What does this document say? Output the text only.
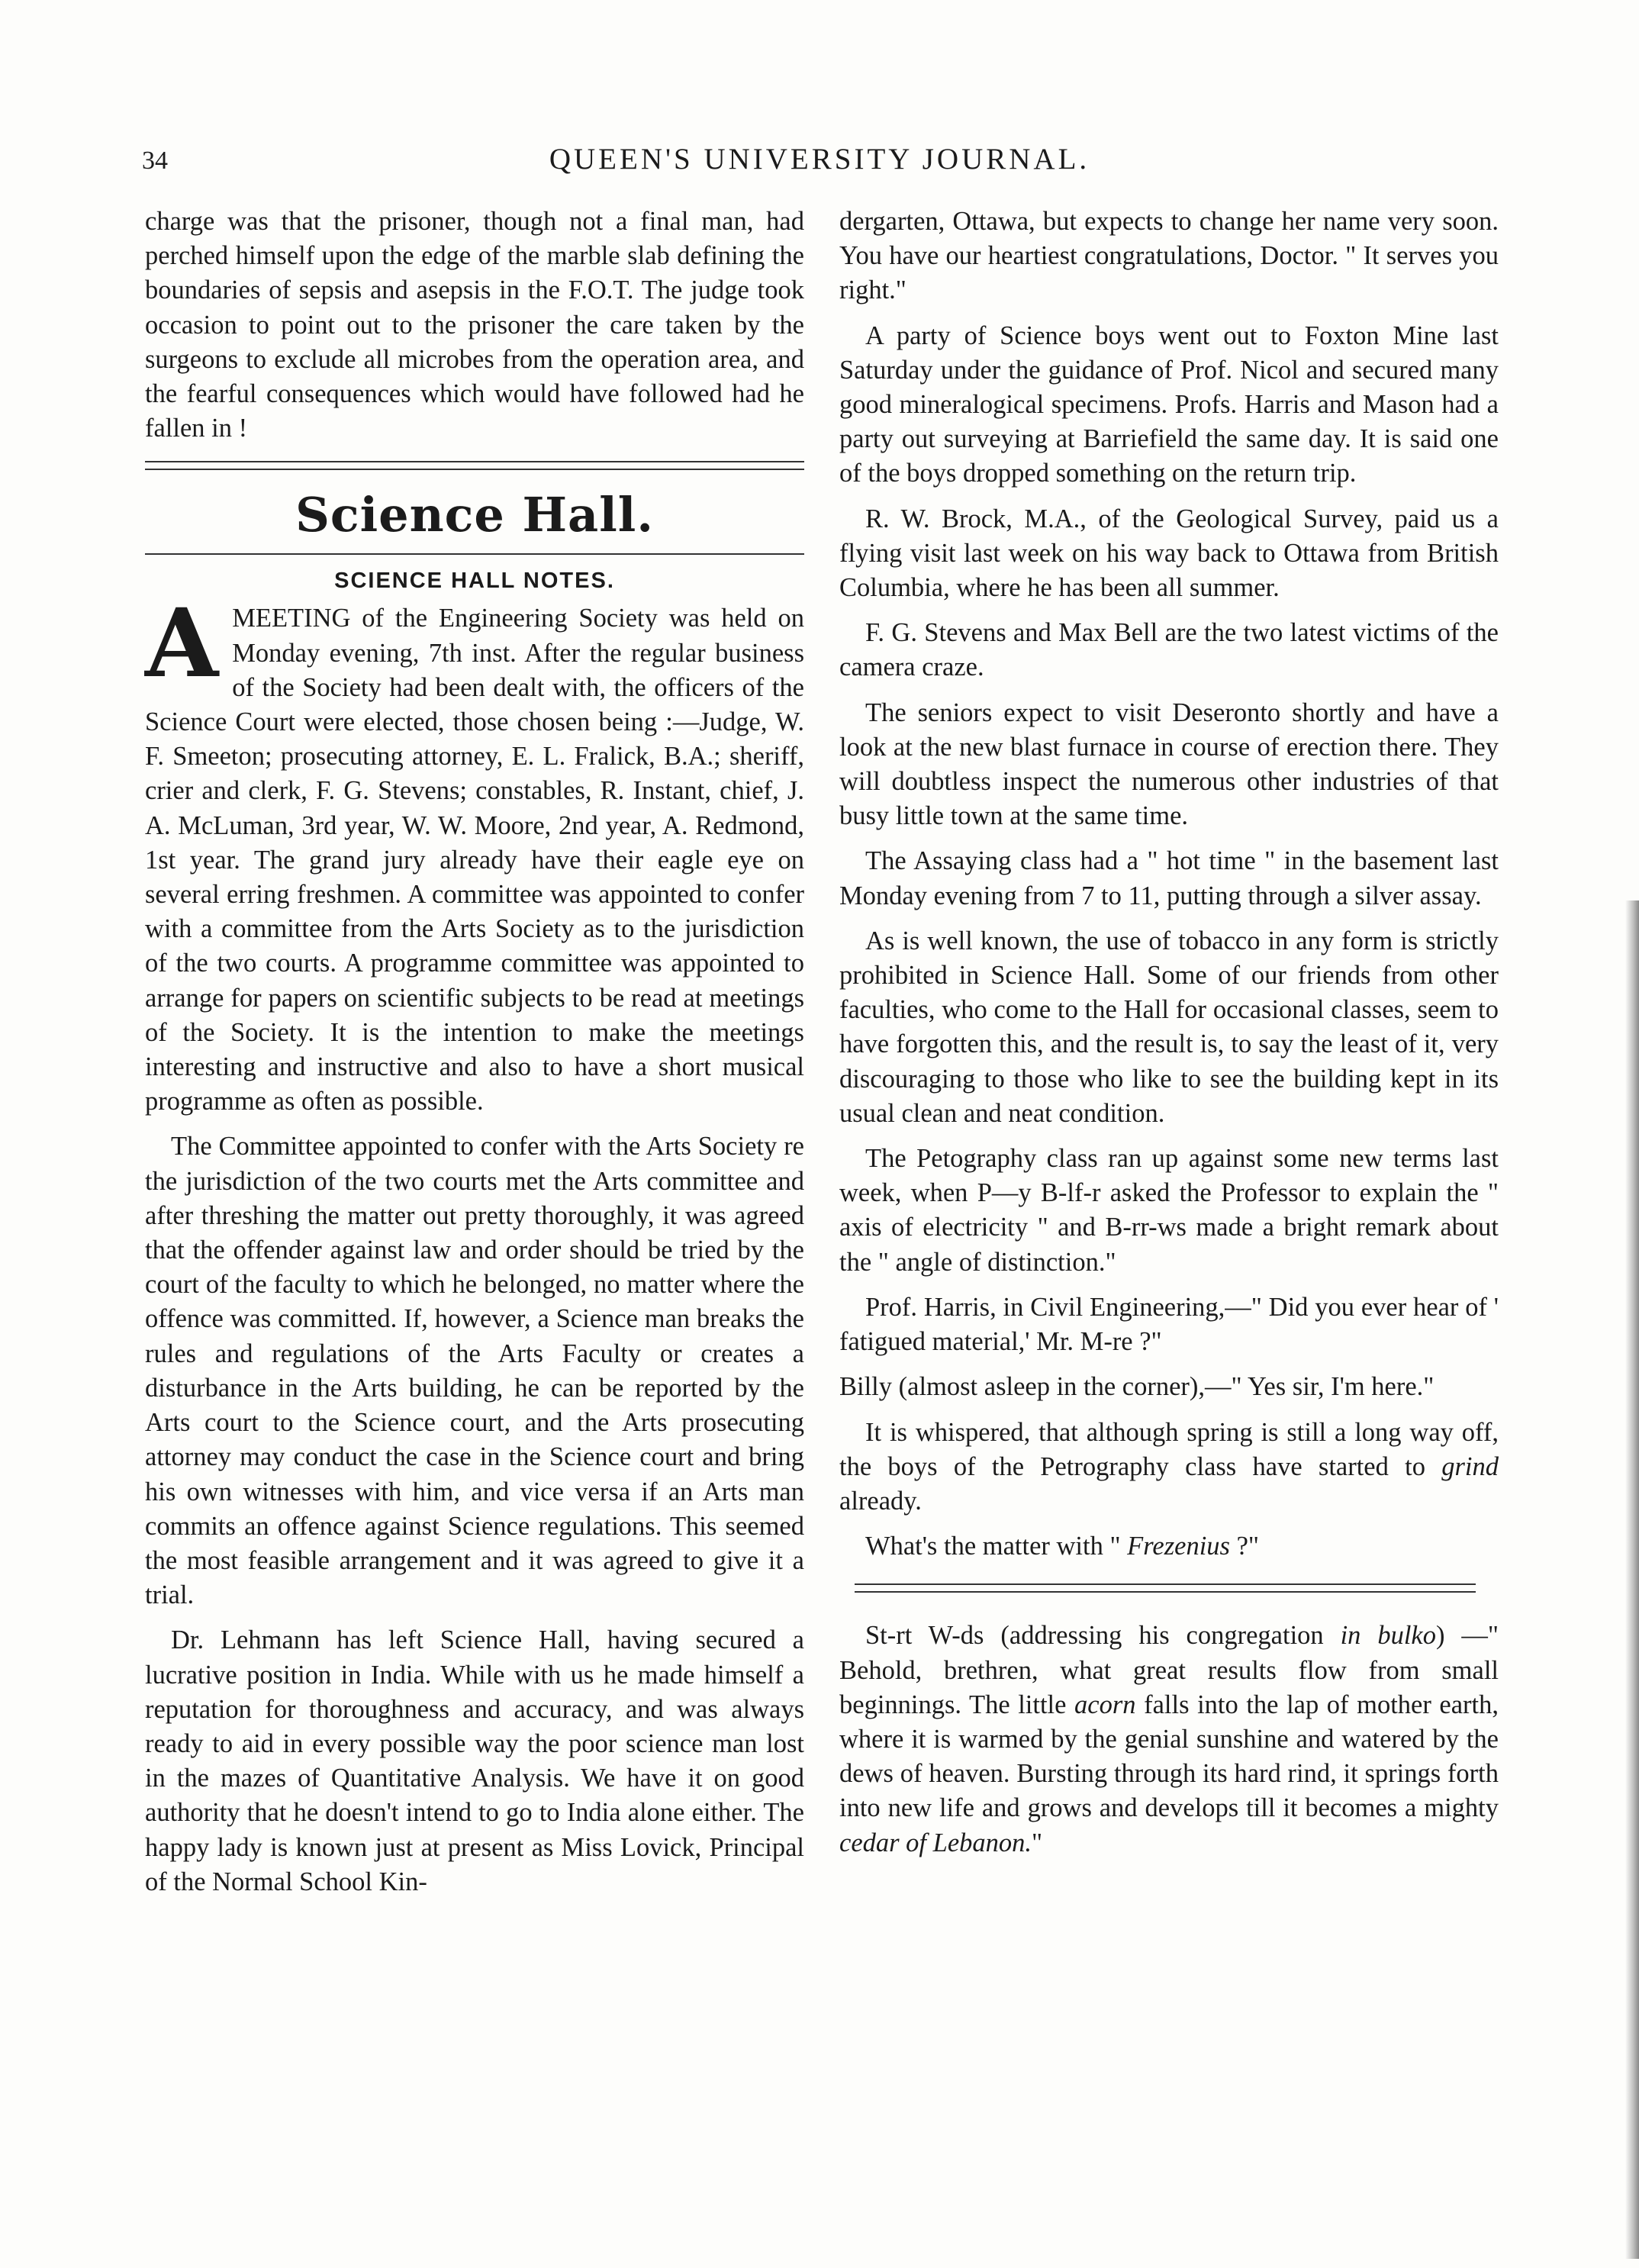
34	QUEEN'S UNIVERSITY JOURNAL.

charge was that the prisoner, though not a final man, had perched himself upon the edge of the marble slab defining the boundaries of sepsis and asepsis in the F.O.T. The judge took occasion to point out to the prisoner the care taken by the surgeons to exclude all microbes from the operation area, and the fearful consequences which would have followed had he fallen in !

Science Hall.
SCIENCE HALL NOTES.

A MEETING of the Engineering Society was held on Monday evening, 7th inst. After the regular business of the Society had been dealt with, the officers of the Science Court were elected, those chosen being :—Judge, W. F. Smeeton; prosecuting attorney, E. L. Fralick, B.A.; sheriff, crier and clerk, F. G. Stevens; constables, R. Instant, chief, J. A. McLuman, 3rd year, W. W. Moore, 2nd year, A. Redmond, 1st year. The grand jury already have their eagle eye on several erring freshmen. A committee was appointed to confer with a committee from the Arts Society as to the jurisdiction of the two courts. A programme committee was appointed to arrange for papers on scientific subjects to be read at meetings of the Society. It is the intention to make the meetings interesting and instructive and also to have a short musical programme as often as possible.

The Committee appointed to confer with the Arts Society re the jurisdiction of the two courts met the Arts committee and after threshing the matter out pretty thoroughly, it was agreed that the offender against law and order should be tried by the court of the faculty to which he belonged, no matter where the offence was committed. If, however, a Science man breaks the rules and regulations of the Arts Faculty or creates a disturbance in the Arts building, he can be reported by the Arts court to the Science court, and the Arts prosecuting attorney may conduct the case in the Science court and bring his own witnesses with him, and vice versa if an Arts man commits an offence against Science regulations. This seemed the most feasible arrangement and it was agreed to give it a trial.

Dr. Lehmann has left Science Hall, having secured a lucrative position in India. While with us he made himself a reputation for thoroughness and accuracy, and was always ready to aid in every possible way the poor science man lost in the mazes of Quantitative Analysis. We have it on good authority that he doesn't intend to go to India alone either. The happy lady is known just at present as Miss Lovick, Principal of the Normal School Kin-

dergarten, Ottawa, but expects to change her name very soon. You have our heartiest congratulations, Doctor. " It serves you right."

A party of Science boys went out to Foxton Mine last Saturday under the guidance of Prof. Nicol and secured many good mineralogical specimens. Profs. Harris and Mason had a party out surveying at Barriefield the same day. It is said one of the boys dropped something on the return trip.

R. W. Brock, M.A., of the Geological Survey, paid us a flying visit last week on his way back to Ottawa from British Columbia, where he has been all summer.

F. G. Stevens and Max Bell are the two latest victims of the camera craze.

The seniors expect to visit Deseronto shortly and have a look at the new blast furnace in course of erection there. They will doubtless inspect the numerous other industries of that busy little town at the same time.

The Assaying class had a " hot time " in the basement last Monday evening from 7 to 11, putting through a silver assay.

As is well known, the use of tobacco in any form is strictly prohibited in Science Hall. Some of our friends from other faculties, who come to the Hall for occasional classes, seem to have forgotten this, and the result is, to say the least of it, very discouraging to those who like to see the building kept in its usual clean and neat condition.

The Petography class ran up against some new terms last week, when P—y B-lf-r asked the Professor to explain the " axis of electricity " and B-rr-ws made a bright remark about the " angle of distinction."

Prof. Harris, in Civil Engineering,—" Did you ever hear of ' fatigued material,' Mr. M-re ?"

Billy (almost asleep in the corner),—" Yes sir, I'm here."

It is whispered, that although spring is still a long way off, the boys of the Petrography class have started to grind already.

What's the matter with " Frezenius ?"

St-rt W-ds (addressing his congregation in bulko) —" Behold, brethren, what great results flow from small beginnings. The little acorn falls into the lap of mother earth, where it is warmed by the genial sunshine and watered by the dews of heaven. Bursting through its hard rind, it springs forth into new life and grows and develops till it becomes a mighty cedar of Lebanon."
